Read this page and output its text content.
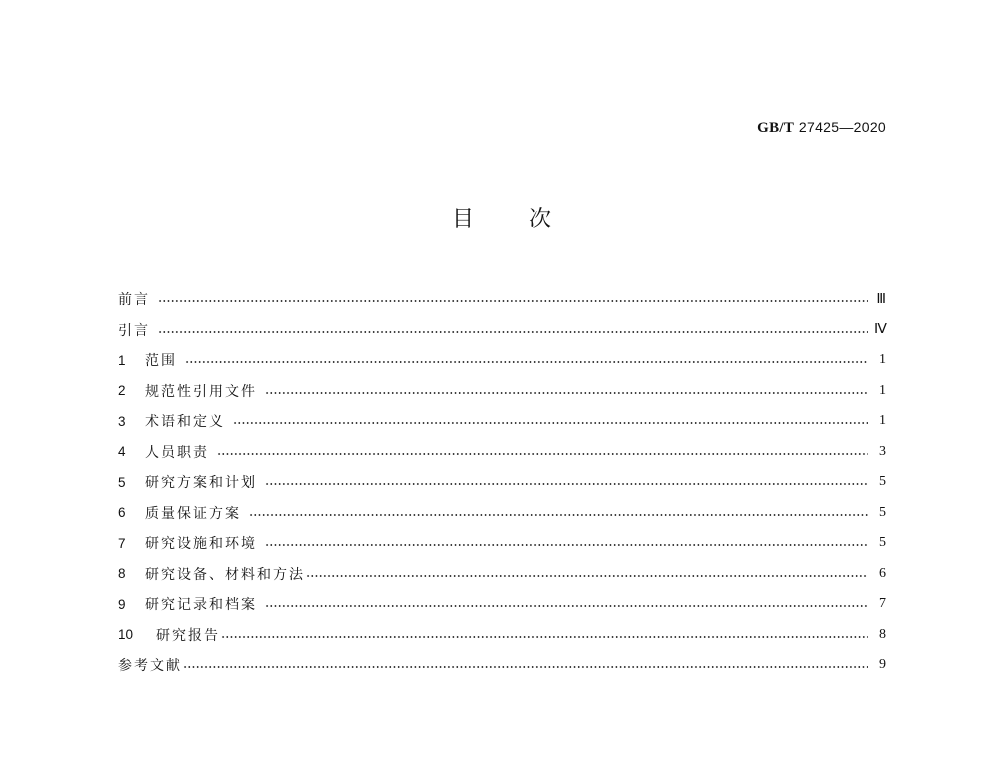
GB/T 27425—2020
目 次
前言	Ⅲ
引言	Ⅳ
1	范围	1
2	规范性引用文件	1
3	术语和定义	1
4	人员职责	3
5	研究方案和计划	5
6	质量保证方案	5
7	研究设施和环境	5
8	研究设备、材料和方法	6
9	研究记录和档案	7
10	研究报告	8
参考文献	9
